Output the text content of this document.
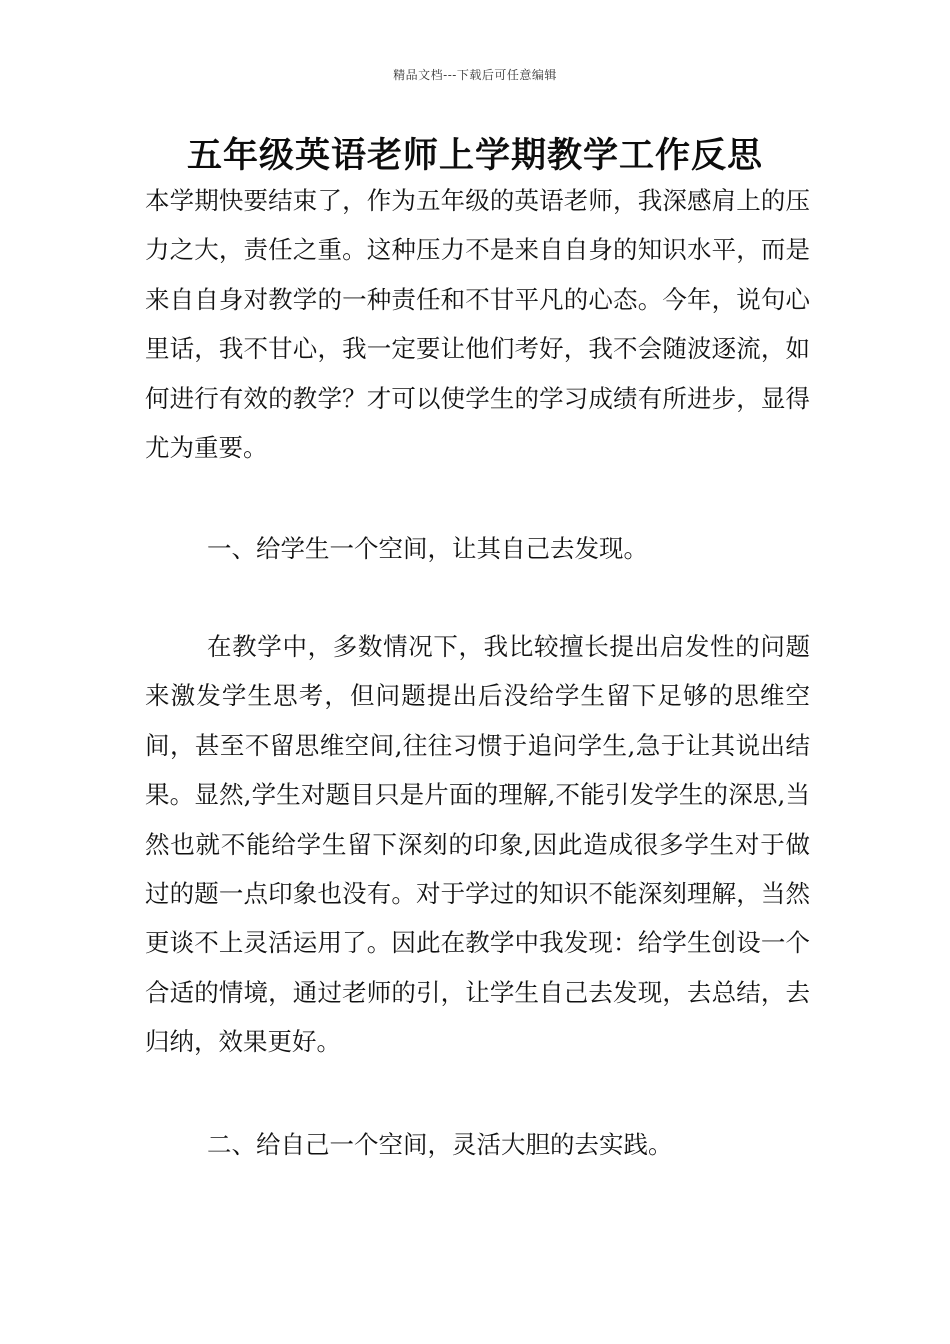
精品文档---下载后可任意编辑
五年级英语老师上学期教学工作反思

本学期快要结束了，作为五年级的英语老师，我深感肩上的压力之大，责任之重。这种压力不是来自自身的知识水平，而是来自自身对教学的一种责任和不甘平凡的心态。今年，说句心里话，我不甘心，我一定要让他们考好，我不会随波逐流，如何进行有效的教学？才可以使学生的学习成绩有所进步，显得尤为重要。

一、给学生一个空间，让其自己去发现。

在教学中，多数情况下，我比较擅长提出启发性的问题来激发学生思考，但问题提出后没给学生留下足够的思维空间，甚至不留思维空间,往往习惯于追问学生,急于让其说出结果。显然,学生对题目只是片面的理解,不能引发学生的深思,当然也就不能给学生留下深刻的印象,因此造成很多学生对于做过的题一点印象也没有。对于学过的知识不能深刻理解，当然更谈不上灵活运用了。因此在教学中我发现：给学生创设一个合适的情境，通过老师的引，让学生自己去发现，去总结，去归纳，效果更好。

二、给自己一个空间，灵活大胆的去实践。
